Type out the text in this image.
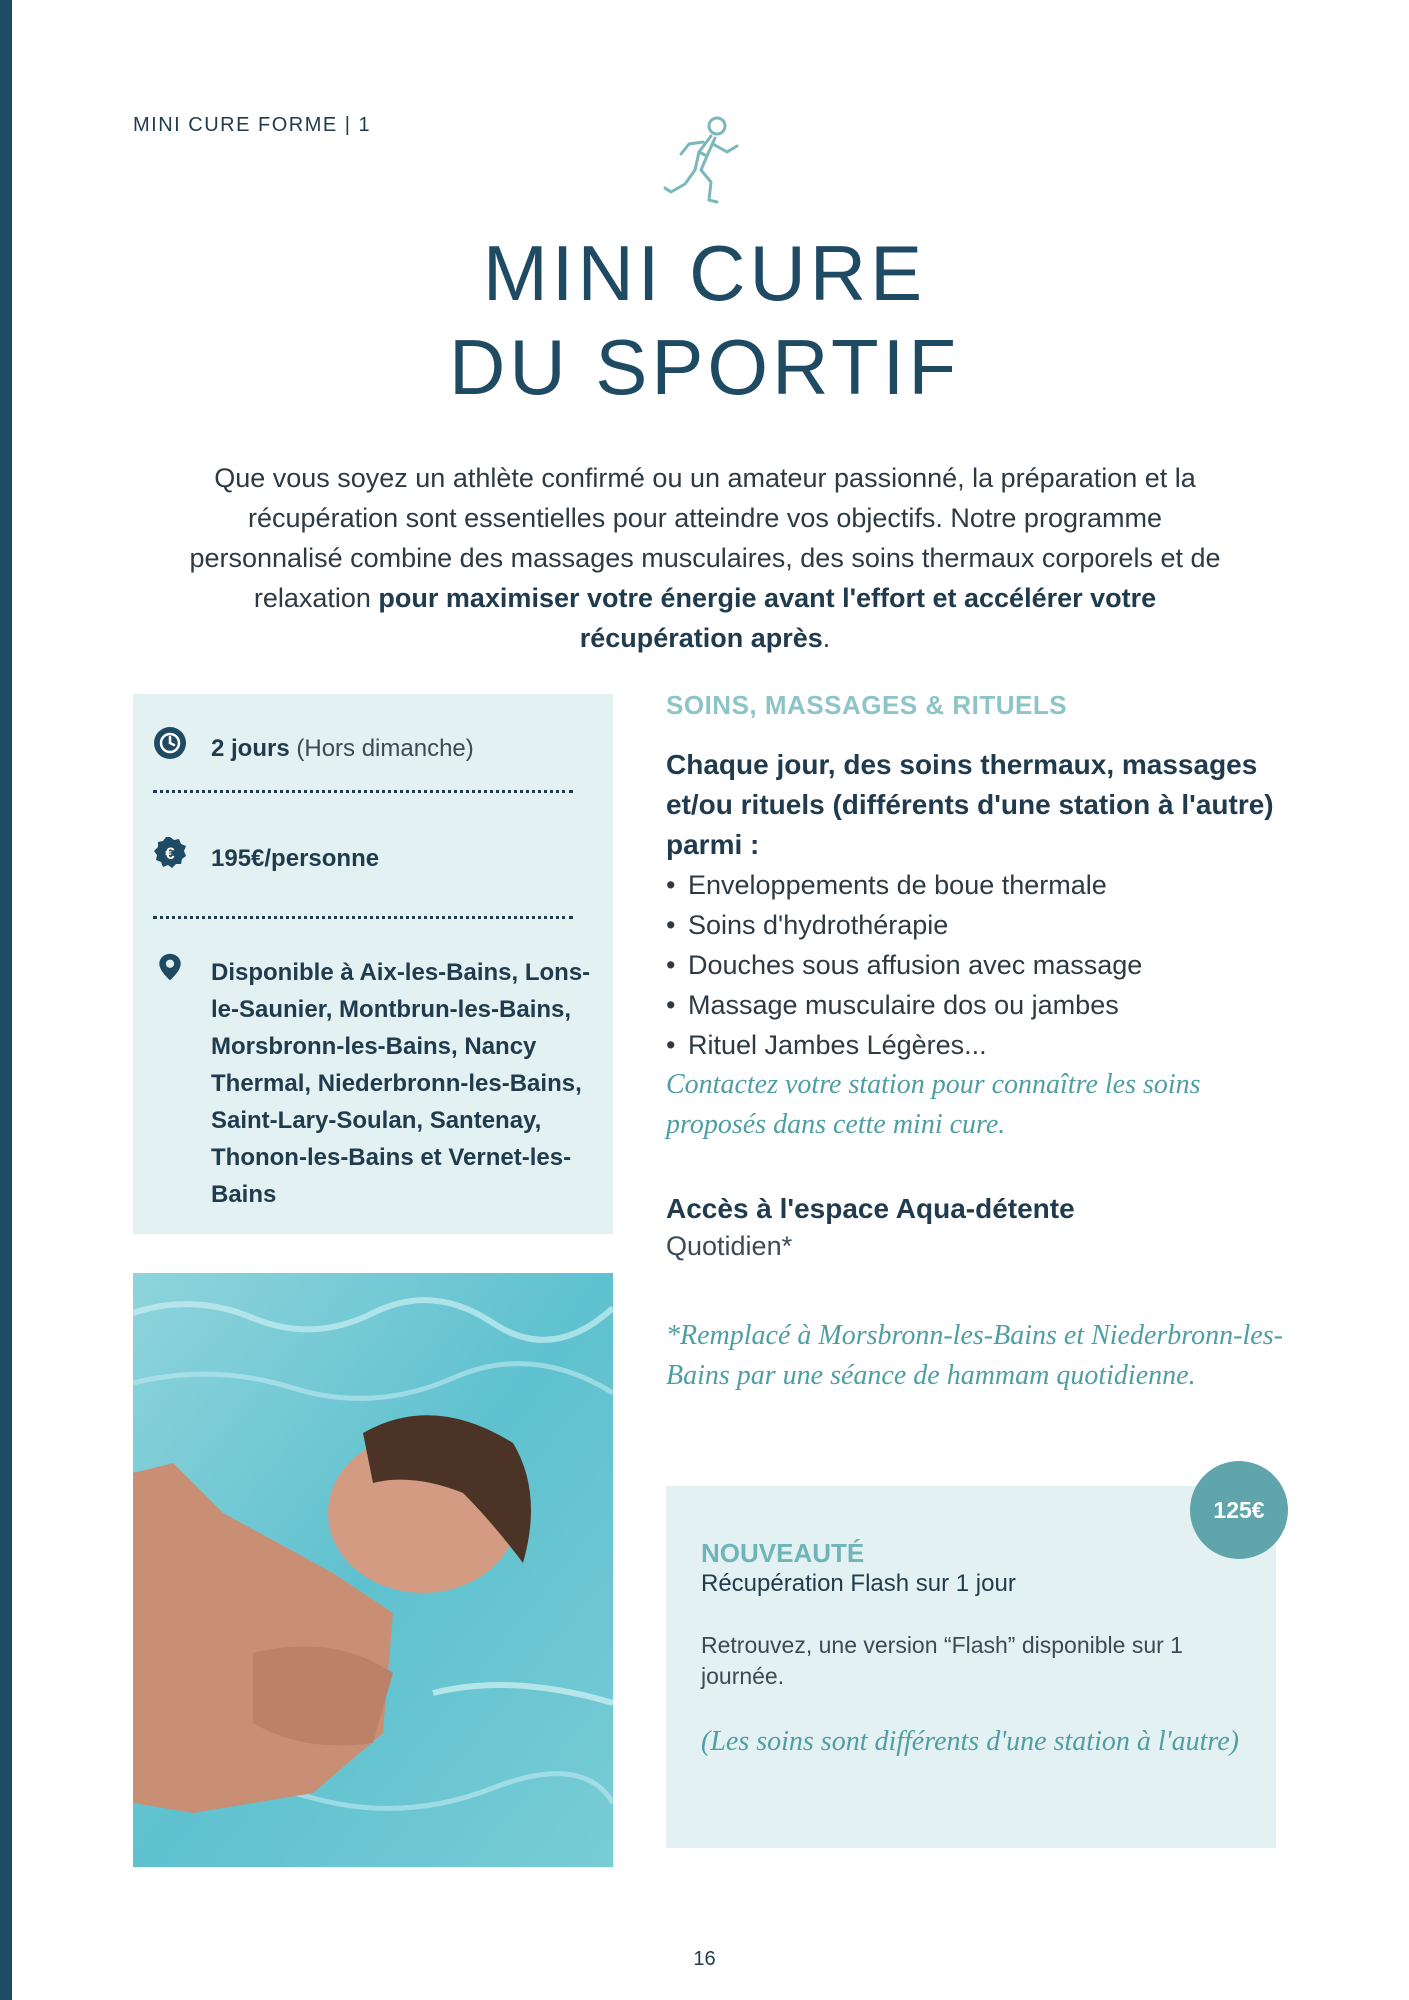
MINI CURE FORME | 1
MINI CURE
DU SPORTIF

Que vous soyez un athlète confirmé ou un amateur passionné, la préparation et la récupération sont essentielles pour atteindre vos objectifs. Notre programme personnalisé combine des massages musculaires, des soins thermaux corporels et de relaxation pour maximiser votre énergie avant l'effort et accélérer votre récupération après.

2 jours (Hors dimanche)
€ 195€/personne
Disponible à Aix-les-Bains, Lons-le-Saunier, Montbrun-les-Bains, Morsbronn-les-Bains, Nancy Thermal, Niederbronn-les-Bains, Saint-Lary-Soulan, Santenay, Thonon-les-Bains et Vernet-les-Bains
SOINS, MASSAGES & RITUELS
Chaque jour, des soins thermaux, massages et/ou rituels (différents d'une station à l'autre) parmi :
• Enveloppements de boue thermale
• Soins d'hydrothérapie
• Douches sous affusion avec massage
• Massage musculaire dos ou jambes
• Rituel Jambes Légères...
Contactez votre station pour connaître les soins proposés dans cette mini cure.
Accès à l'espace Aqua-détente
Quotidien*
*Remplacé à Morsbronn-les-Bains et Niederbronn-les-Bains par une séance de hammam quotidienne.
NOUVEAUTÉ
Récupération Flash sur 1 jour
Retrouvez, une version “Flash” disponible sur 1 journée.
(Les soins sont différents d'une station à l'autre)
125€
16
